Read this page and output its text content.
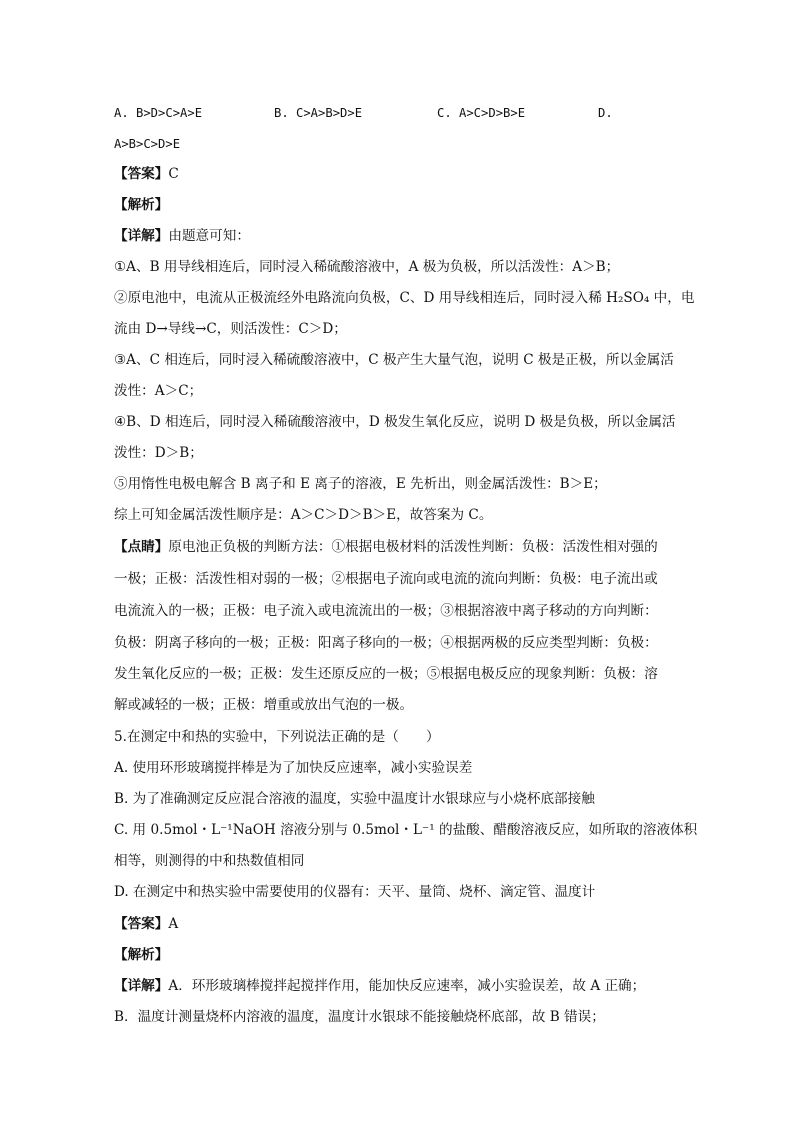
A. B>D>C>A>E	B. C>A>B>D>E	C. A>C>D>B>E	D.
A>B>C>D>E
【答案】C
【解析】
【详解】由题意可知：
①A、B 用导线相连后，同时浸入稀硫酸溶液中，A 极为负极，所以活泼性：A＞B；
②原电池中，电流从正极流经外电路流向负极，C、D 用导线相连后，同时浸入稀 H₂SO₄ 中，电
流由 D→导线→C，则活泼性：C＞D；
③A、C 相连后，同时浸入稀硫酸溶液中，C 极产生大量气泡，说明 C 极是正极，所以金属活
泼性：A＞C；
④B、D 相连后，同时浸入稀硫酸溶液中，D 极发生氧化反应，说明 D 极是负极，所以金属活
泼性：D＞B；
⑤用惰性电极电解含 B 离子和 E 离子的溶液，E 先析出，则金属活泼性：B＞E；
综上可知金属活泼性顺序是：A＞C＞D＞B＞E，故答案为 C。
【点睛】原电池正负极的判断方法：①根据电极材料的活泼性判断：负极：活泼性相对强的
一极；正极：活泼性相对弱的一极；②根据电子流向或电流的流向判断：负极：电子流出或
电流流入的一极；正极：电子流入或电流流出的一极；③根据溶液中离子移动的方向判断：
负极：阴离子移向的一极；正极：阳离子移向的一极；④根据两极的反应类型判断：负极：
发生氧化反应的一极；正极：发生还原反应的一极；⑤根据电极反应的现象判断：负极：溶
解或减轻的一极；正极：增重或放出气泡的一极。
5.在测定中和热的实验中，下列说法正确的是（　　）
A. 使用环形玻璃搅拌棒是为了加快反应速率，减小实验误差
B. 为了准确测定反应混合溶液的温度，实验中温度计水银球应与小烧杯底部接触
C. 用 0.5mol・L⁻¹NaOH 溶液分别与 0.5mol・L⁻¹ 的盐酸、醋酸溶液反应，如所取的溶液体积
相等，则测得的中和热数值相同
D. 在测定中和热实验中需要使用的仪器有：天平、量筒、烧杯、滴定管、温度计
【答案】A
【解析】
【详解】A．环形玻璃棒搅拌起搅拌作用，能加快反应速率，减小实验误差，故 A 正确；
B．温度计测量烧杯内溶液的温度，温度计水银球不能接触烧杯底部，故 B 错误；
